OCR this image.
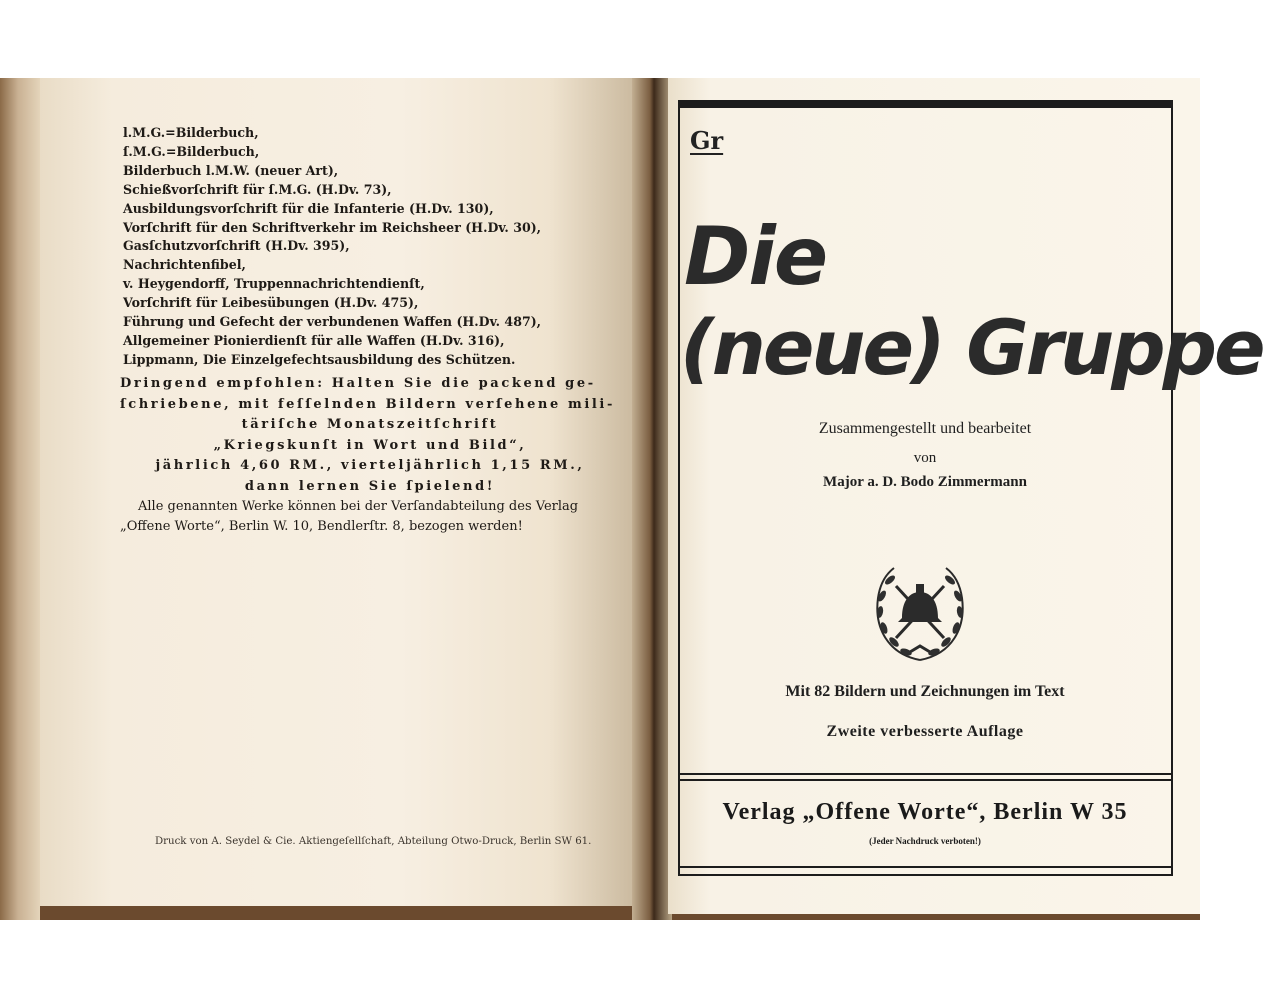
l.M.G.=Bilderbuch,
ſ.M.G.=Bilderbuch,
Bilderbuch l.M.W. (neuer Art),
Schießvorſchrift für ſ.M.G. (H.Dv. 73),
Ausbildungsvorſchrift für die Infanterie (H.Dv. 130),
Vorſchrift für den Schriftverkehr im Reichsheer (H.Dv. 30),
Gasſchutzvorſchrift (H.Dv. 395),
Nachrichtenfibel,
v. Heygendorff, Truppennachrichtendienſt,
Vorſchrift für Leibesübungen (H.Dv. 475),
Führung und Gefecht der verbundenen Waffen (H.Dv. 487),
Allgemeiner Pionierdienſt für alle Waffen (H.Dv. 316),
Lippmann, Die Einzelgefechtsausbildung des Schützen.
Dringend empfohlen: Halten Sie die packend ge-
ſchriebene, mit feſſelnden Bildern verſehene mili-
täriſche Monatszeitſchrift
„Kriegskunſt in Wort und Bild“,
jährlich 4,60 RM., vierteljährlich 1,15 RM.,
dann lernen Sie ſpielend!
Alle genannten Werke können bei der Verſandabteilung des Verlag
„Offene Worte“, Berlin W. 10, Bendlerſtr. 8, bezogen werden!
Druck von A. Seydel & Cie. Aktiengeſellſchaft, Abteilung Otwo-Druck, Berlin SW 61.
Gr
Die
(neue) Gruppe
Zusammengestellt und bearbeitet
von
Major a. D. Bodo Zimmermann
Mit 82 Bildern und Zeichnungen im Text
Zweite verbesserte Auflage
Verlag „Offene Worte“, Berlin W 35
(Jeder Nachdruck verboten!)
